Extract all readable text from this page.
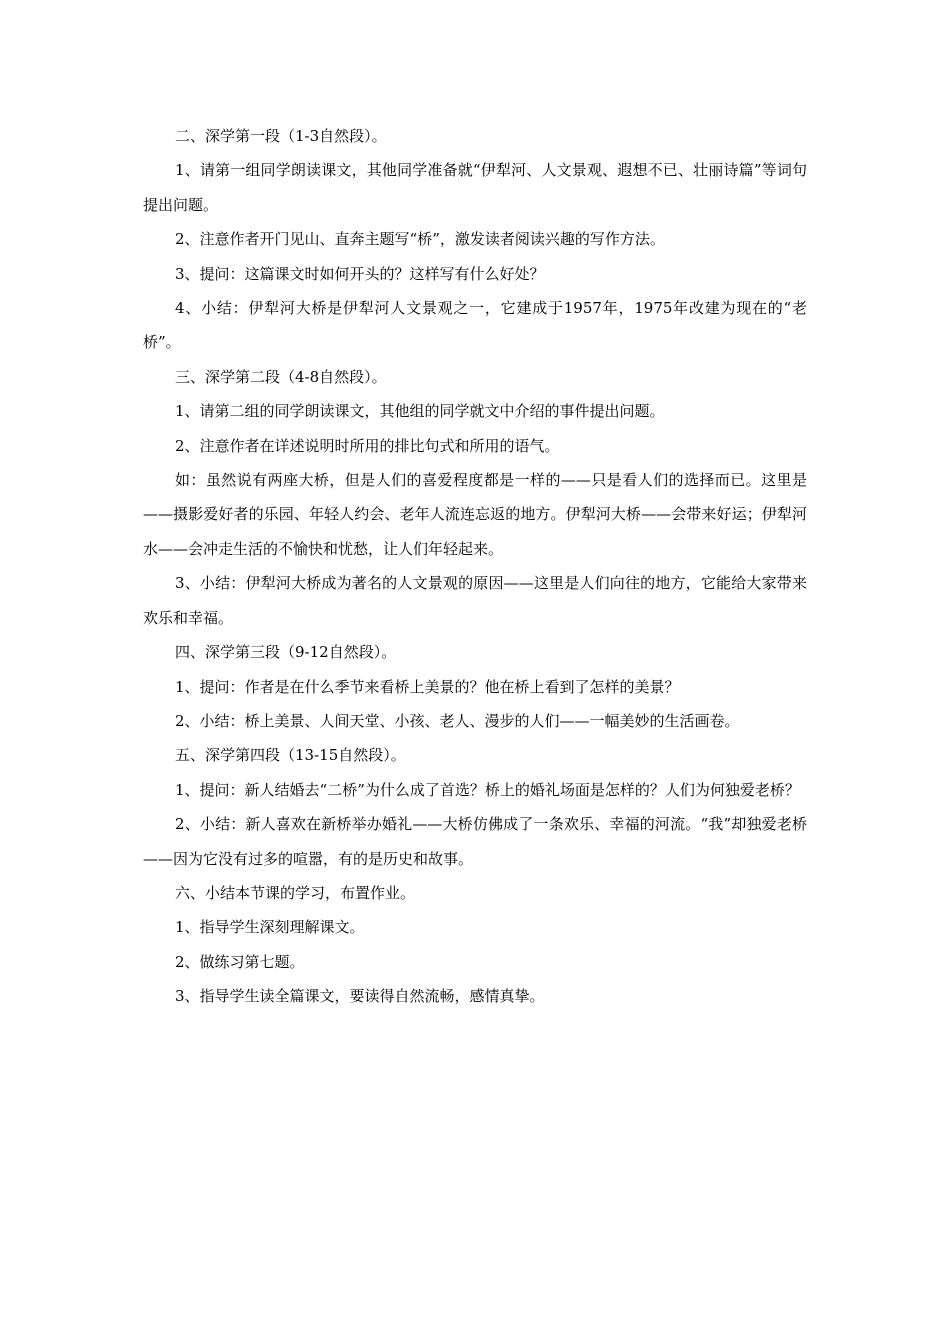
二、深学第一段（1-3自然段）。

1、请第一组同学朗读课文，其他同学准备就“伊犁河、人文景观、遐想不已、壮丽诗篇”等词句提出问题。

2、注意作者开门见山、直奔主题写“桥”，激发读者阅读兴趣的写作方法。

3、提问：这篇课文时如何开头的？这样写有什么好处？

4、小结：伊犁河大桥是伊犁河人文景观之一，它建成于1957年，1975年改建为现在的“老桥”。

三、深学第二段（4-8自然段）。

1、请第二组的同学朗读课文，其他组的同学就文中介绍的事件提出问题。

2、注意作者在详述说明时所用的排比句式和所用的语气。

如：虽然说有两座大桥，但是人们的喜爱程度都是一样的——只是看人们的选择而已。这里是——摄影爱好者的乐园、年轻人约会、老年人流连忘返的地方。伊犁河大桥——会带来好运；伊犁河水——会冲走生活的不愉快和忧愁，让人们年轻起来。

3、小结：伊犁河大桥成为著名的人文景观的原因——这里是人们向往的地方，它能给大家带来欢乐和幸福。

四、深学第三段（9-12自然段）。

1、提问：作者是在什么季节来看桥上美景的？他在桥上看到了怎样的美景？

2、小结：桥上美景、人间天堂、小孩、老人、漫步的人们——一幅美妙的生活画卷。

五、深学第四段（13-15自然段）。

1、提问：新人结婚去“二桥”为什么成了首选？桥上的婚礼场面是怎样的？人们为何独爱老桥？

2、小结：新人喜欢在新桥举办婚礼——大桥仿佛成了一条欢乐、幸福的河流。“我”却独爱老桥——因为它没有过多的喧嚣，有的是历史和故事。

六、小结本节课的学习，布置作业。

1、指导学生深刻理解课文。

2、做练习第七题。

3、指导学生读全篇课文，要读得自然流畅，感情真挚。
